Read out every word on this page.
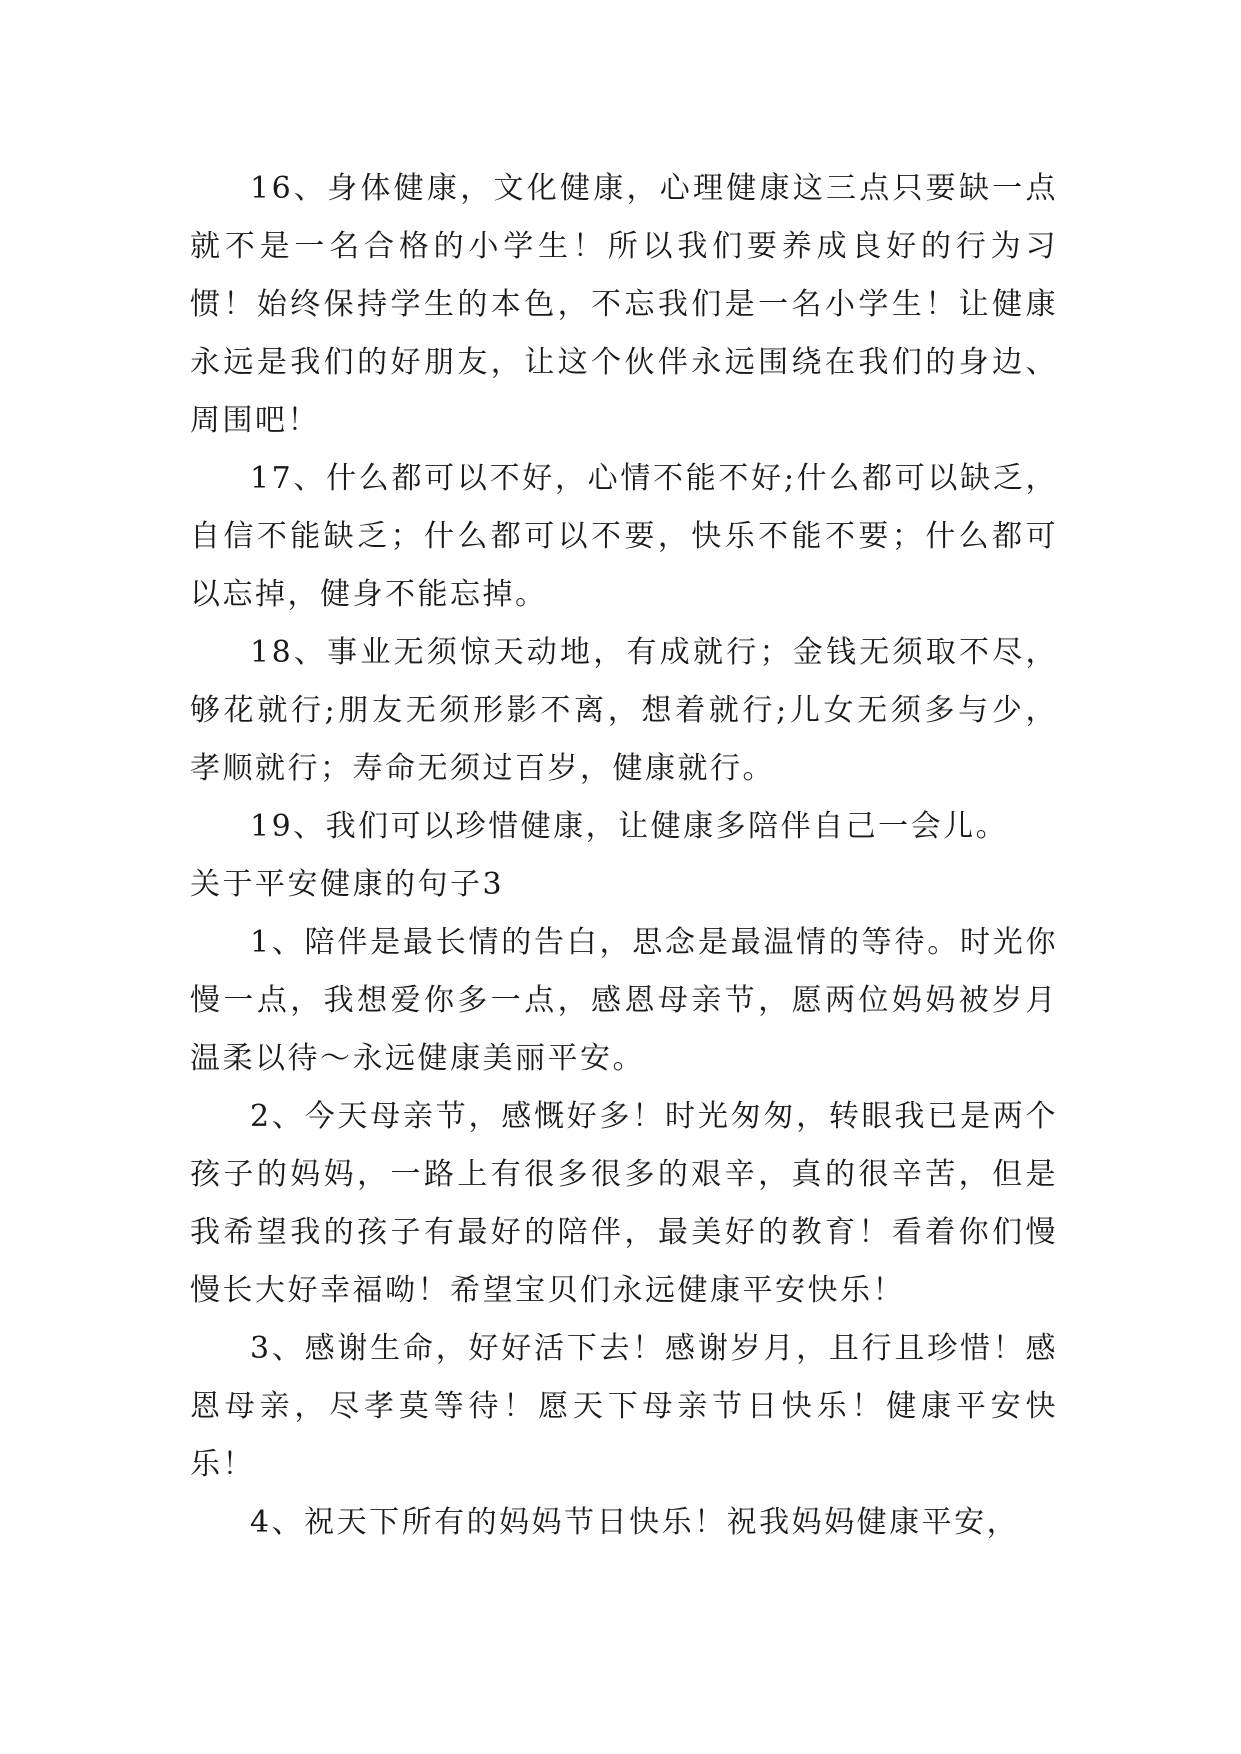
16、身体健康，文化健康，心理健康这三点只要缺一点就不是一名合格的小学生！所以我们要养成良好的行为习惯！始终保持学生的本色，不忘我们是一名小学生！让健康永远是我们的好朋友，让这个伙伴永远围绕在我们的身边、周围吧！

17、什么都可以不好，心情不能不好;什么都可以缺乏，自信不能缺乏；什么都可以不要，快乐不能不要；什么都可以忘掉，健身不能忘掉。

18、事业无须惊天动地，有成就行；金钱无须取不尽，够花就行;朋友无须形影不离，想着就行;儿女无须多与少，孝顺就行；寿命无须过百岁，健康就行。

19、我们可以珍惜健康，让健康多陪伴自己一会儿。

关于平安健康的句子3

1、陪伴是最长情的告白，思念是最温情的等待。时光你慢一点，我想爱你多一点，感恩母亲节，愿两位妈妈被岁月温柔以待～永远健康美丽平安。

2、今天母亲节，感慨好多！时光匆匆，转眼我已是两个孩子的妈妈，一路上有很多很多的艰辛，真的很辛苦，但是我希望我的孩子有最好的陪伴，最美好的教育！看着你们慢慢长大好幸福呦！希望宝贝们永远健康平安快乐！

3、感谢生命，好好活下去！感谢岁月，且行且珍惜！感恩母亲，尽孝莫等待！愿天下母亲节日快乐！健康平安快乐！

4、祝天下所有的妈妈节日快乐！祝我妈妈健康平安，
